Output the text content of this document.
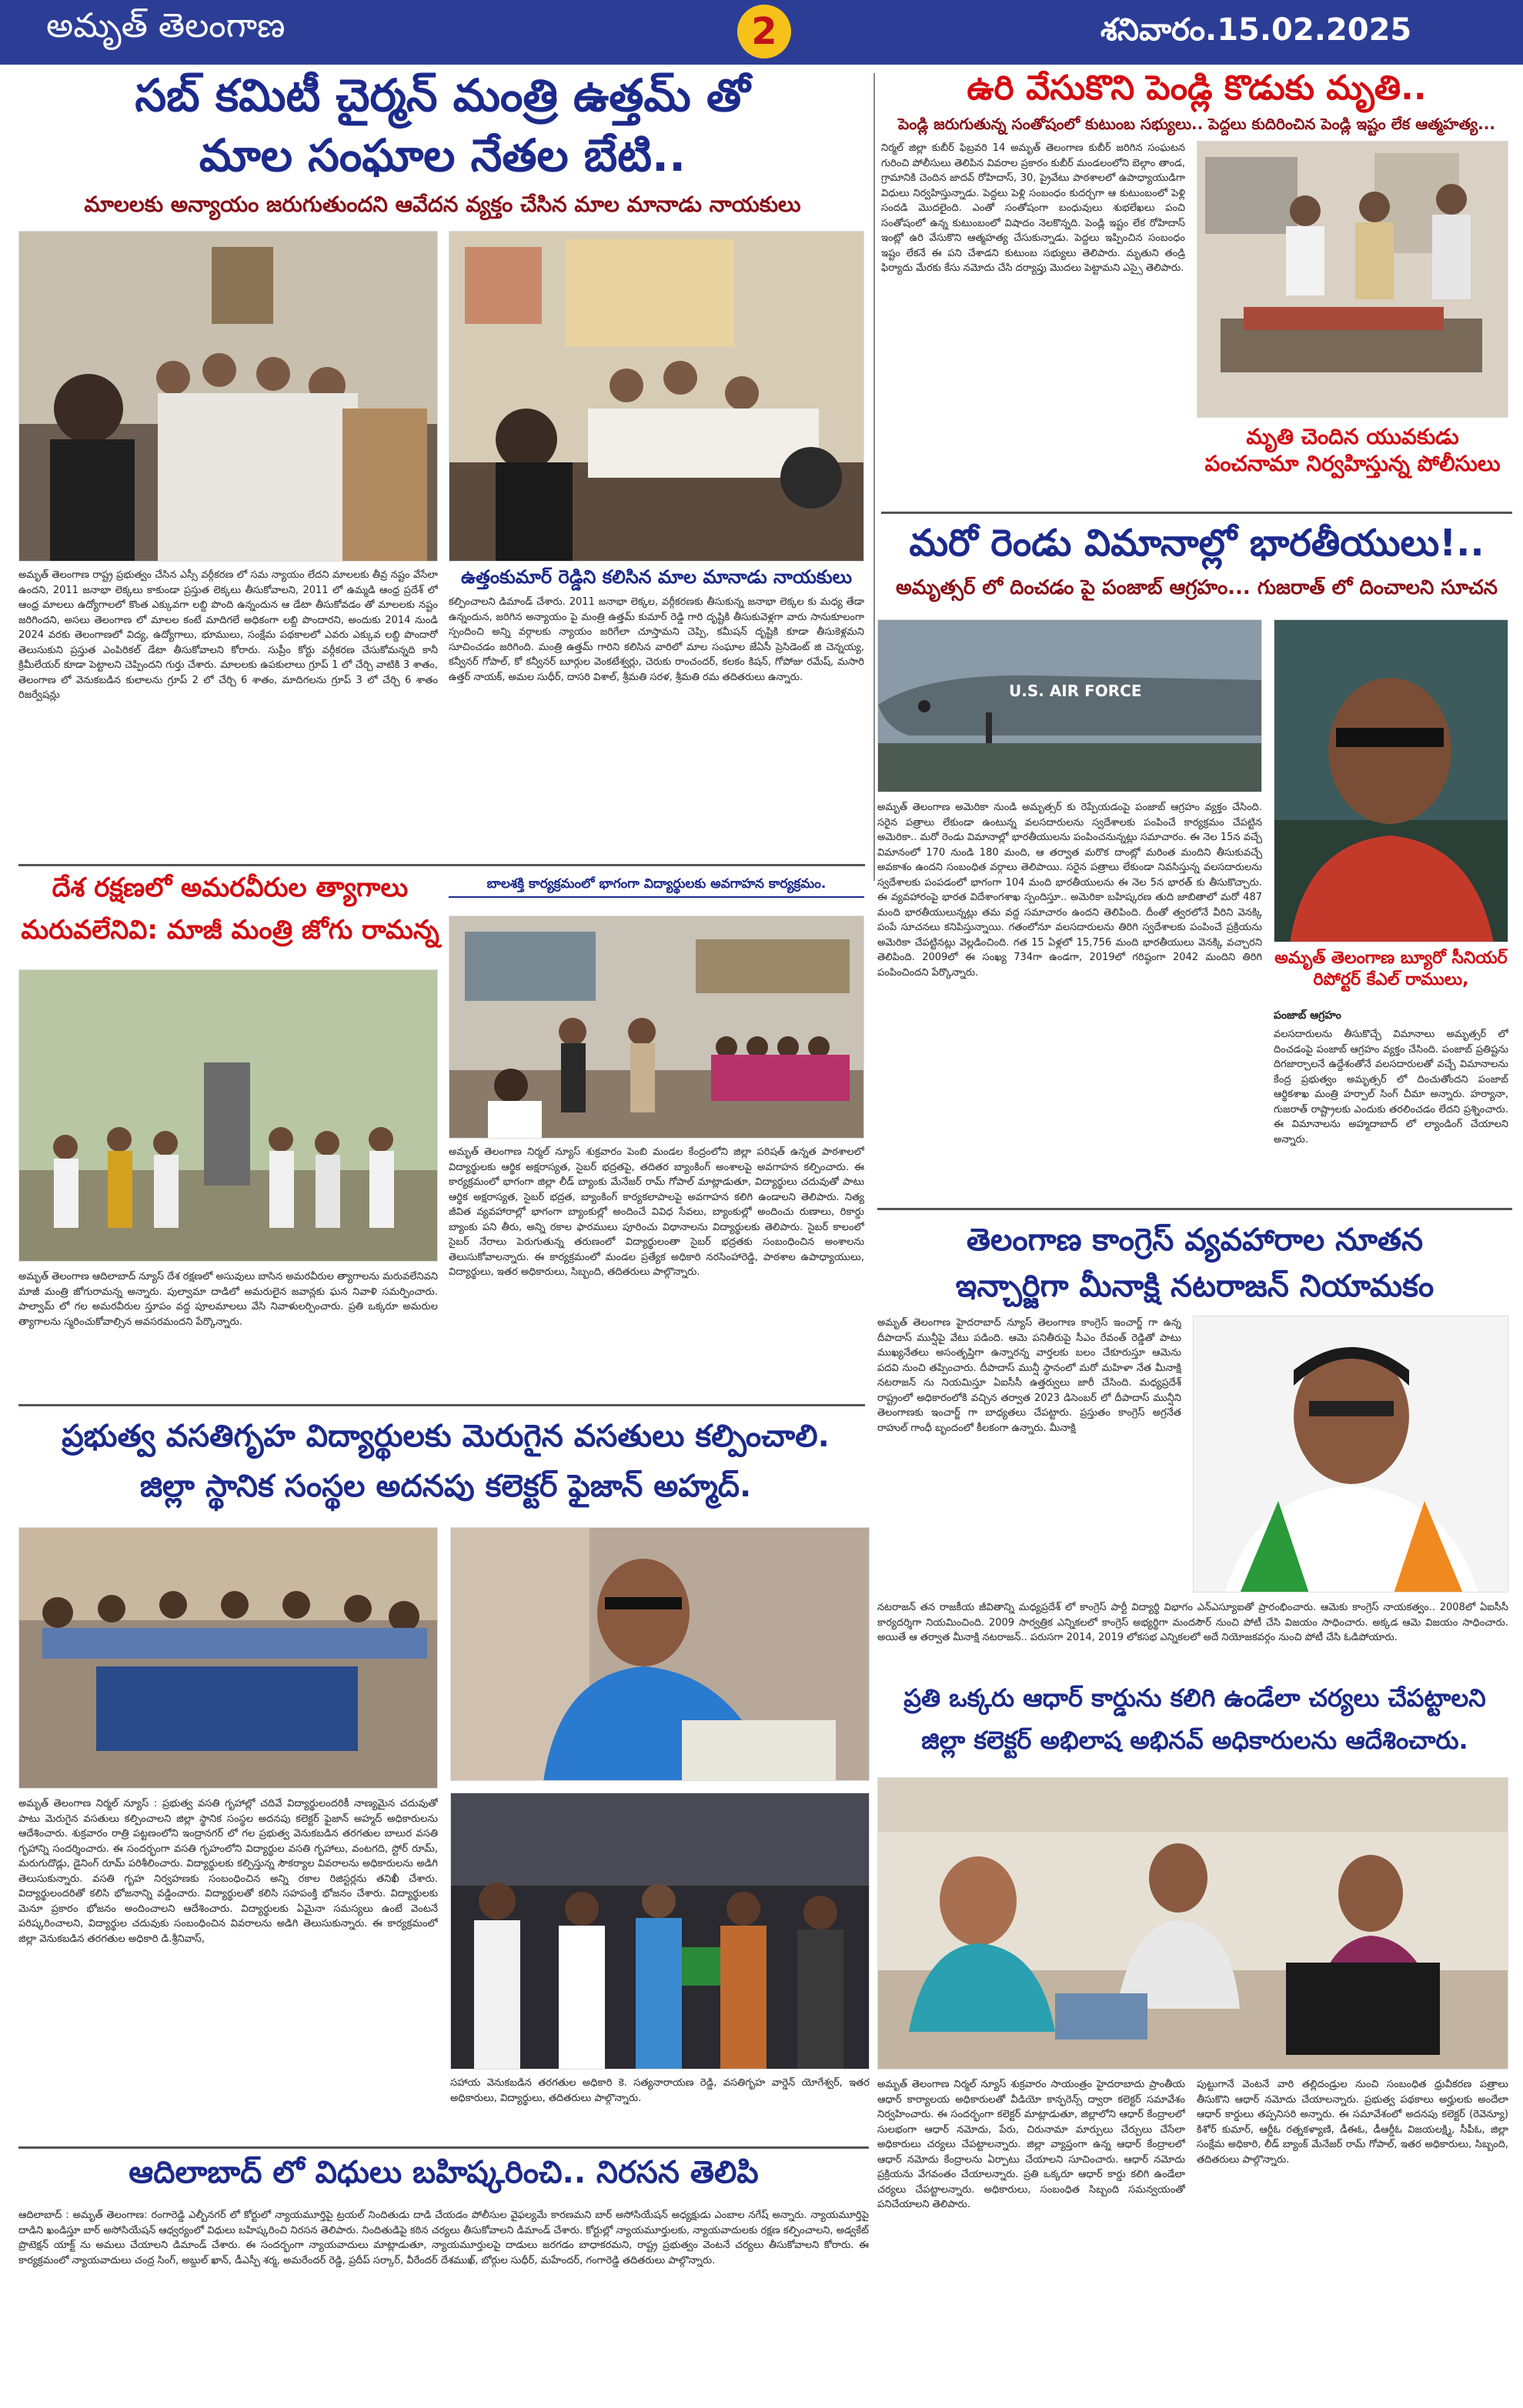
అమృత్ తెలంగాణ	2	శనివారం.15.02.2025
సబ్ కమిటీ చైర్మన్ మంత్రి ఉత్తమ్ తో
మాల సంఘాల నేతల బేటి..
మాలలకు అన్యాయం జరుగుతుందని ఆవేదన వ్యక్తం చేసిన మాల మానాడు నాయకులు
ఉత్తంకుమార్ రెడ్డిని కలిసిన మాల మానాడు నాయకులు
అమృత్ తెలంగాణ రాష్ట్ర ప్రభుత్వం చేసిన ఎస్సీ వర్గీకరణ లో సమ న్యాయం లేదని మాలలకు తీవ్ర నష్టం వేసేలా ఉందని, 2011 జనాభా లెక్కలు కాకుండా ప్రస్తుత లెక్కలు తీసుకోవాలని, 2011 లో ఉమ్మడి ఆంధ్ర ప్రదేశ్ లో ఆంధ్ర మాలలు ఉద్యోగాలలో కొంత ఎక్కువగా లబ్ది పొంది ఉన్నందున ఆ డేటా తీసుకోవడం తో మాలలకు నష్టం జరిగిందని, అసలు తెలంగాణ లో మాలల కంటే మాదిగలే అధికంగా లబ్ది పొందారని, అందుకు 2014 నుండి 2024 వరకు తెలంగాణలో విద్య, ఉద్యోగాలు, భూములు, సంక్షేమ పథకాలలో ఎవరు ఎక్కువ లబ్ది పొందారో తెలుసుకుని ప్రస్తుత ఎంపిరికల్ డేటా తీసుకోవాలని కోరారు. సుప్రీం కోర్టు వర్గీకరణ చేసుకోమన్నది కానీ క్రిమీలేయర్ కూడా పెట్టాలని చెప్పిందని గుర్తు చేశారు. మాలలకు ఉపకులాలు గ్రూప్ 1 లో చేర్చి వాటికి 3 శాతం, తెలంగాణ లో వెనుకబడిన కులాలను గ్రూప్ 2 లో చేర్చి 6 శాతం, మాదిగలను గ్రూప్ 3 లో చేర్చి 6 శాతం రిజర్వేషన్లు
కల్పించాలని డిమాండ్ చేశారు. 2011 జనాభా లెక్కల, వర్గీకరణకు తీసుకున్న జనాభా లెక్కల కు మధ్య తేడా ఉన్నందున, జరిగిన అన్యాయం పై మంత్రి ఉత్తమ్ కుమార్ రెడ్డి గారి దృష్టికి తీసుకువెళ్లగా వారు సానుకూలంగా స్పందించి అన్ని వర్గాలకు న్యాయం జరిగేలా చూస్తామని చెప్పి, కమీషన్ దృష్టికి కూడా తీసుకెళ్లమని సూచించడం జరిగింది. మంత్రి ఉత్తమ్ గారిని కలిసిన వారిలో మాల సంఘాల జేఏసీ ప్రెసిడెంట్ జి చెన్నయ్య, కన్వీనర్ గోపాల్, కో కన్వీనర్ బూర్గుల వెంకటేశ్వర్లు, చెరుకు రాంచందర్, కలకం కిషన్, గోపోజు రమేష్, మసారి ఉత్తర్ నాయక్, అమల సుధీర్, దాసరి విశాల్, శ్రీమతి సరళ, శ్రీమతి రమ తదితరులు ఉన్నారు.
ఉరి వేసుకొని పెండ్లి కొడుకు మృతి..
పెండ్లి జరుగుతున్న సంతోషంలో కుటుంబ సభ్యులు.. పెద్దలు కుదిరించిన పెండ్లి ఇష్టం లేక ఆత్మహత్య...
నిర్మల్ జిల్లా కుబీర్ ఫిబ్రవరి 14 అమృత్ తెలంగాణ కుబీర్ జరిగిన సంఘటన గురించి పోలీసులు తెలిపిన వివరాల ప్రకారం కుబీర్ మండలంలోని బెల్గాం తాండ, గ్రామానికి చెందిన జాదవ్ రోహిదాస్, 30, ప్రైవేటు పాఠశాలలో ఉపాధ్యాయుడిగా విధులు నిర్వహిస్తున్నాడు. పెద్దలు పెళ్లి సంబంధం కుదర్చగా ఆ కుటుంబంలో పెళ్లి సందడి మొదలైంది. ఎంతో సంతోషంగా బంధువులు శుభలేఖలు పంచి సంతోషంలో ఉన్న కుటుంబంలో విషాదం నెలకొన్నది. పెండ్లి ఇష్టం లేక రోహిదాస్ ఇంట్లో ఉరి వేసుకొని ఆత్మహత్య చేసుకున్నాడు. పెద్దలు ఇప్పించిన సంబంధం ఇష్టం లేకనే ఈ పని చేశాడని కుటుంబ సభ్యులు తెలిపారు. మృతుని తండ్రి ఫిర్యాదు మేరకు కేసు నమోదు చేసి దర్యాప్తు మొదలు పెట్టామని ఎస్సై తెలిపారు.
మృతి చెందిన యువకుడు పంచనామా నిర్వహిస్తున్న పోలీసులు
మరో రెండు విమానాల్లో భారతీయులు!..
అమృత్సర్ లో దించడం పై పంజాబ్ ఆగ్రహం... గుజరాత్ లో దించాలని సూచన
U.S. AIR FORCE
అమృత్ తెలంగాణ బ్యూరో సీనియర్ రిపోర్టర్ కేఎల్ రాములు,
అమృత్ తెలంగాణ అమెరికా నుండి అమృత్సర్ కు రెప్పేయడంపై పంజాబ్ ఆగ్రహం వ్యక్తం చేసింది. సరైన పత్రాలు లేకుండా ఉంటున్న వలసదారులను స్వదేశాలకు పంపించే కార్యక్రమం చేపట్టిన అమెరికా.. మరో రెండు విమానాల్లో భారతీయులను పంపించనున్నట్లు సమాచారం. ఈ నెల 15న వచ్చే విమానంలో 170 నుండి 180 మంది, ఆ తర్వాత మరొక దాంట్లో మరింత మందిని తీసుకువచ్చే అవకాశం ఉందని సంబంధిత వర్గాలు తెలిపాయి. సరైన పత్రాలు లేకుండా నివసిస్తున్న వలసదారులను స్వదేశాలకు పంపడంలో భాగంగా 104 మంది భారతీయులను ఈ నెల 5న భారత్ కు తీసుకొచ్చారు. ఈ వ్యవహారంపై భారత విదేశాంగశాఖ స్పందిస్తూ.. అమెరికా బహిష్కరణ తుది జాబితాలో మరో 487 మంది భారతీయులున్నట్లు తమ వద్ద సమాచారం ఉందని తెలిపింది. దీంతో త్వరలోనే వీరిని వెనక్కి పంపే సూచనలు కనిపిస్తున్నాయి. గతంలోనూ వలసదారులను తిరిగి స్వదేశాలకు పంపించే ప్రక్రియను అమెరికా చేపట్టినట్లు వెల్లడించింది. గత 15 ఏళ్లలో 15,756 మంది భారతీయులు వెనక్కి వచ్చారని తెలిపింది. 2009లో ఈ సంఖ్య 734గా ఉండగా, 2019లో గరిష్ఠంగా 2042 మందిని తిరిగి పంపించిందని పేర్కొన్నారు.
పంజాబ్ ఆగ్రహం
వలసదారులను తీసుకొచ్చే విమానాలు అమృత్సర్ లో దించడంపై పంజాబ్ ఆగ్రహం వ్యక్తం చేసింది. పంజాబ్ ప్రతిష్టను దిగజార్చాలనే ఉద్దేశంతోనే వలసదారులతో వచ్చే విమానాలను కేంద్ర ప్రభుత్వం అమృత్సర్ లో దించుతోందని పంజాబ్ ఆర్థికశాఖ మంత్రి హర్పాల్ సింగ్ చీమా అన్నారు. హర్యానా, గుజరాత్ రాష్ట్రాలకు ఎందుకు తరలించడం లేదని ప్రశ్నించారు. ఈ విమానాలను అహ్మదాబాద్ లో ల్యాండింగ్ చేయాలని అన్నారు.
దేశ రక్షణలో అమరవీరుల త్యాగాలు
మరువలేనివి: మాజీ మంత్రి జోగు రామన్న
అమృత్ తెలంగాణ ఆదిలాబాద్ న్యూస్ దేశ రక్షణలో అసువులు బాసిన అమరవీరుల త్యాగాలను మరువలేనివని మాజీ మంత్రి జోగురామన్న అన్నారు. పుల్వామా దాడిలో అమరులైన జవాన్లకు ఘన నివాళి సమర్పించారు. పాల్వామ్ లో గల అమరవీరుల స్తూపం వద్ద పూలమాలలు వేసి నివాళులర్పించారు. ప్రతి ఒక్కరూ అమరుల త్యాగాలను స్మరించుకోవాల్సిన అవసరమందని పేర్కొన్నారు.
బాలశక్తి కార్యక్రమంలో భాగంగా విద్యార్థులకు అవగాహన కార్యక్రమం.
అమృత్ తెలంగాణ నిర్మల్ న్యూస్ శుక్రవారం పెంబి మండల కేంద్రంలోని జిల్లా పరిషత్ ఉన్నత పాఠశాలలో విద్యార్థులకు ఆర్థిక అక్షరాస్యత, సైబర్ భద్రతపై, తదితర బ్యాంకింగ్ అంశాలపై అవగాహన కల్పించారు. ఈ కార్యక్రమంలో భాగంగా జిల్లా లీడ్ బ్యాంకు మేనేజర్ రామ్ గోపాల్ మాట్లాడుతూ, విద్యార్థులు చదువుతో పాటు ఆర్థిక అక్షరాస్యత, సైబర్ భద్రత, బ్యాంకింగ్ కార్యకలాపాలపై అవగాహన కలిగి ఉండాలని తెలిపారు. నిత్య జీవిత వ్యవహారాల్లో భాగంగా బ్యాంకుల్లో అందించే వివిధ సేవలు, బ్యాంకుల్లో అందించు రుణాలు, రికార్డు బ్యాంకు పని తీరు, అన్ని రకాల ఫారములు పూరించు విధానాలను విద్యార్థులకు తెలిపారు. సైబర్ కాలంలో సైబర్ నేరాలు పెరుగుతున్న తరుణంలో విద్యార్థులంతా సైబర్ భద్రతకు సంబంధించిన అంశాలను తెలుసుకోవాలన్నారు. ఈ కార్యక్రమంలో మండల ప్రత్యేక అధికారి నరసింహారెడ్డి, పాఠశాల ఉపాధ్యాయులు, విద్యార్థులు, ఇతర అధికారులు, సిబ్బంది, తదితరులు పాల్గొన్నారు.
తెలంగాణ కాంగ్రెస్ వ్యవహారాల నూతన
ఇన్చార్జిగా మీనాక్షి నటరాజన్ నియామకం
అమృత్ తెలంగాణ హైదరాబాద్ న్యూస్ తెలంగాణ కాంగ్రెస్ ఇంచార్జ్ గా ఉన్న దీపాదాస్ మున్షీపై వేటు పడింది. ఆమె పనితీరుపై సీఎం రేవంత్ రెడ్డితో పాటు ముఖ్యనేతలు అసంతృప్తిగా ఉన్నారన్న వార్తలకు బలం చేకూరుస్తూ ఆమెను పదవి నుంచి తప్పించారు. దీపాదాస్ మున్షీ స్థానంలో మరో మహిళా నేత మీనాక్షి నటరాజన్ ను నియమిస్తూ ఏఐసీసీ ఉత్తర్వులు జారీ చేసింది. మధ్యప్రదేశ్ రాష్ట్రంలో అధికారంలోకి వచ్చిన తర్వాత 2023 డిసెంబర్ లో దీపాదాస్ మున్షీని తెలంగాణకు ఇంచార్జ్ గా బాధ్యతలు చేపట్టారు. ప్రస్తుతం కాంగ్రెస్ అగ్రనేత రాహుల్ గాంధీ బృందంలో కీలకంగా ఉన్నారు. మీనాక్షి
నటరాజన్ తన రాజకీయ జీవితాన్ని మధ్యప్రదేశ్ లో కాంగ్రెస్ పార్టీ విద్యార్థి విభాగం ఎన్ఎస్యూఐతో ప్రారంభించారు. ఆమెకు కాంగ్రెస్ నాయకత్వం.. 2008లో ఏఐసీసీ కార్యదర్శిగా నియమించింది. 2009 సార్వత్రిక ఎన్నికలలో కాంగ్రెస్ అభ్యర్థిగా మందసౌర్ నుంచి పోటీ చేసి విజయం సాధించారు. అక్కడ ఆమె విజయం సాధించారు. అయితే ఆ తర్వాత మీనాక్షి నటరాజన్.. పరుసగా 2014, 2019 లోకసభ ఎన్నికలలో అదే నియోజకవర్గం నుంచి పోటీ చేసి ఓడిపోయారు.
ప్రభుత్వ వసతిగృహ విద్యార్థులకు మెరుగైన వసతులు కల్పించాలి.
జిల్లా స్థానిక సంస్థల అదనపు కలెక్టర్ ఫైజాన్ అహ్మద్.
అమృత్ తెలంగాణ నిర్మల్ న్యూస్ : ప్రభుత్వ వసతి గృహాల్లో చదివే విద్యార్థులందరికీ నాణ్యమైన చదువుతో పాటు మెరుగైన వసతులు కల్పించాలని జిల్లా స్థానిక సంస్థల అదనపు కలెక్టర్ ఫైజాన్ అహ్మద్ అధికారులను ఆదేశించారు. శుక్రవారం రాత్రి పట్టణంలోని ఇంద్రానగర్ లో గల ప్రభుత్వ వెనుకబడిన తరగతుల బాలుర వసతి గృహాన్ని సందర్శించారు. ఈ సందర్భంగా వసతి గృహంలోని విద్యార్థుల వసతి గృహాలు, వంటగది, స్టోర్ రూమ్, మరుగుదొడ్లు, డైనింగ్ రూమ్ పరిశీలించారు. విద్యార్థులకు కల్పిస్తున్న సౌకర్యాల వివరాలను అధికారులను అడిగి తెలుసుకున్నారు. వసతి గృహ నిర్వహణకు సంబంధించిన అన్ని రకాల రిజిస్టర్లను తనిఖీ చేశారు. విద్యార్థులందరితో కలిసి భోజనాన్ని వడ్డించారు. విద్యార్థులతో కలిసి సహపంక్తి భోజనం చేశారు. విద్యార్థులకు మెనూ ప్రకారం భోజనం అందించాలని ఆదేశించారు. విద్యార్థులకు ఏమైనా సమస్యలు ఉంటే వెంటనే పరిష్కరించాలని, విద్యార్థుల చదువుకు సంబంధించిన వివరాలను అడిగి తెలుసుకున్నారు. ఈ కార్యక్రమంలో జిల్లా వెనుకబడిన తరగతుల అధికారి డి.శ్రీనివాస్,
సహాయ వెనుకబడిన తరగతుల అధికారి కె. సత్యనారాయణ రెడ్డి, వసతిగృహ వార్డెన్ యోగేశ్వర్, ఇతర అధికారులు, విద్యార్థులు, తదితరులు పాల్గొన్నారు.
ప్రతి ఒక్కరు ఆధార్ కార్డును కలిగి ఉండేలా చర్యలు చేపట్టాలని
జిల్లా కలెక్టర్ అభిలాష అభినవ్ అధికారులను ఆదేశించారు.
అమృత్ తెలంగాణ నిర్మల్ న్యూస్ శుక్రవారం సాయంత్రం హైదరాబాదు ప్రాంతీయ ఆధార్ కార్యాలయ అధికారులతో వీడియో కాన్ఫరెన్స్ ద్వారా కలెక్టర్ సమావేశం నిర్వహించారు. ఈ సందర్భంగా కలెక్టర్ మాట్లాడుతూ, జిల్లాలోని ఆధార్ కేంద్రాలలో సులభంగా ఆధార్ నమోదు, పేరు, చిరునామా మార్పులు చేర్పులు చేసేలా అధికారులు చర్యలు చేపట్టాలన్నారు. జిల్లా వ్యాప్తంగా ఉన్న ఆధార్ కేంద్రాలలో ఆధార్ నమోదు కేంద్రాలను ఏర్పాటు చేయాలని సూచించారు. ఆధార్ నమోదు ప్రక్రియను వేగవంతం చేయాలన్నారు. ప్రతి ఒక్కరూ ఆధార్ కార్డు కలిగి ఉండేలా చర్యలు చేపట్టాలన్నారు. అధికారులు, సంబంధిత సిబ్బంది సమన్వయంతో పనిచేయాలని తెలిపారు.
పుట్టుగానే వెంటనే వారి తల్లిదండ్రుల నుంచి సంబంధిత ధ్రువీకరణ పత్రాలు తీసుకొని ఆధార్ నమోదు చేయాలన్నారు. ప్రభుత్వ పథకాలు అర్హులకు అందేలా ఆధార్ కార్డులు తప్పనిసరి అన్నారు. ఈ సమావేశంలో అదనపు కలెక్టర్ (రెవెన్యూ) కిశోర్ కుమార్, ఆర్డీఓ రత్నకళ్యాణి, డీఈఓ, డీఆర్డీఓ విజయలక్ష్మి, సీపీఓ, జిల్లా సంక్షేమ అధికారి, లీడ్ బ్యాంక్ మేనేజర్ రామ్ గోపాల్, ఇతర అధికారులు, సిబ్బంది, తదితరులు పాల్గొన్నారు.
ఆదిలాబాద్ లో విధులు బహిష్కరించి.. నిరసన తెలిపి
ఆదిలాబాద్ : అమృత్ తెలంగాణ: రంగారెడ్డి ఎల్బీనగర్ లో కోర్టులో న్యాయమూర్తిపై ట్రయల్ నిందితుడు దాడి చేయడం పోలీసుల వైఫల్యమే కారణమని బార్ అసోసియేషన్ అధ్యక్షుడు ఎంబాల నగేష్ అన్నారు. న్యాయమూర్తిపై దాడిని ఖండిస్తూ బార్ అసోసియేషన్ ఆధ్వర్యంలో విధులు బహిష్కరించి నిరసన తెలిపారు. నిందితుడిపై కఠిన చర్యలు తీసుకోవాలని డిమాండ్ చేశారు. కోర్టుల్లో న్యాయమూర్తులకు, న్యాయవాదులకు రక్షణ కల్పించాలని, అడ్వకేట్ ప్రొటెక్షన్ యాక్ట్ ను అమలు చేయాలని డిమాండ్ చేశారు. ఈ సందర్భంగా న్యాయవాదులు మాట్లాడుతూ, న్యాయమూర్తులపై దాడులు జరగడం బాధాకరమని, రాష్ట్ర ప్రభుత్వం వెంటనే చర్యలు తీసుకోవాలని కోరారు. ఈ కార్యక్రమంలో న్యాయవాదులు చంద్ర సింగ్, అబ్దుల్ ఖాన్, డీఎస్పీ శర్మ, అమరేందర్ రెడ్డి, ప్రదీప్ సర్కార్, వీరేందర్ దేశముఖ్, బోర్గుల సుధీర్, మహేందర్, గంగారెడ్డి తదితరులు పాల్గొన్నారు.
